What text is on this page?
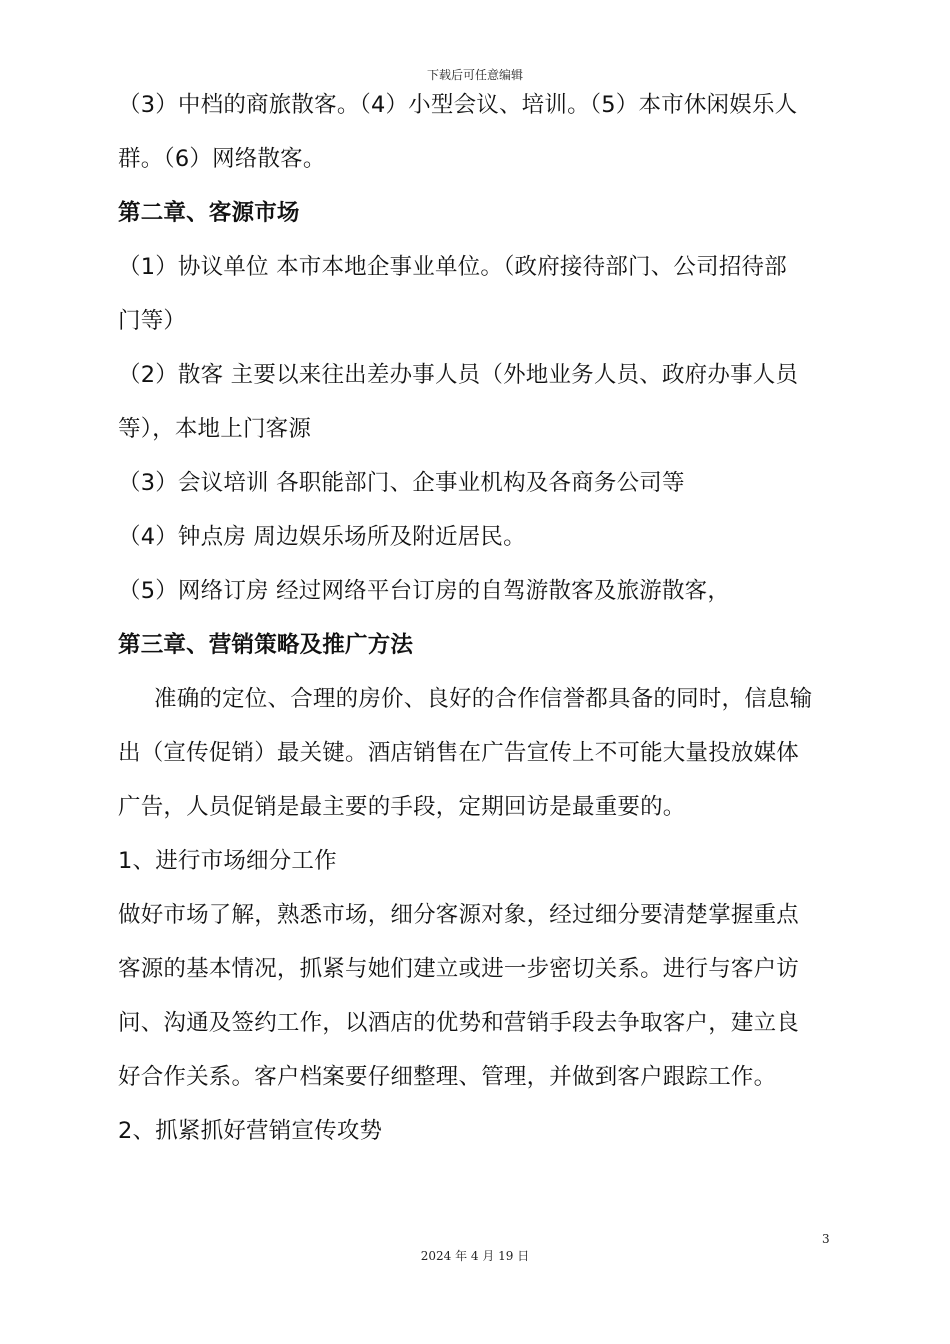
下载后可任意编辑
（3）中档的商旅散客。（4）小型会议、培训。（5）本市休闲娱乐人
群。（6）网络散客。
第二章、客源市场
（1）协议单位 本市本地企事业单位。（政府接待部门、公司招待部
门等）
（2）散客 主要以来往出差办事人员（外地业务人员、政府办事人员
等），本地上门客源
（3）会议培训 各职能部门、企事业机构及各商务公司等
（4）钟点房 周边娱乐场所及附近居民。
（5）网络订房 经过网络平台订房的自驾游散客及旅游散客，
第三章、营销策略及推广方法
准确的定位、合理的房价、良好的合作信誉都具备的同时，信息输
出（宣传促销）最关键。酒店销售在广告宣传上不可能大量投放媒体
广告，人员促销是最主要的手段，定期回访是最重要的。
1、进行市场细分工作
做好市场了解，熟悉市场，细分客源对象，经过细分要清楚掌握重点
客源的基本情况，抓紧与她们建立或进一步密切关系。进行与客户访
问、沟通及签约工作，以酒店的优势和营销手段去争取客户，建立良
好合作关系。客户档案要仔细整理、管理，并做到客户跟踪工作。
2、抓紧抓好营销宣传攻势
3
2024 年 4 月 19 日
